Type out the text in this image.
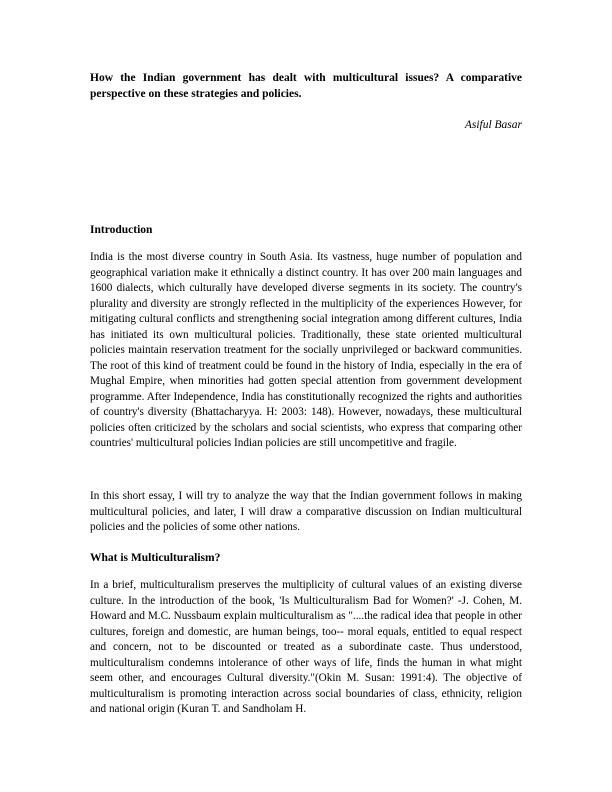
How the Indian government has dealt with multicultural issues? A comparative perspective on these strategies and policies.

Asiful Basar

Introduction

India is the most diverse country in South Asia. Its vastness, huge number of population and geographical variation make it ethnically a distinct country. It has over 200 main languages and 1600 dialects, which culturally have developed diverse segments in its society. The country's plurality and diversity are strongly reflected in the multiplicity of the experiences However, for mitigating cultural conflicts and strengthening social integration among different cultures, India has initiated its own multicultural policies. Traditionally, these state oriented multicultural policies maintain reservation treatment for the socially unprivileged or backward communities. The root of this kind of treatment could be found in the history of India, especially in the era of Mughal Empire, when minorities had gotten special attention from government development programme. After Independence, India has constitutionally recognized the rights and authorities of country's diversity (Bhattacharyya. H: 2003: 148). However, nowadays, these multicultural policies often criticized by the scholars and social scientists, who express that comparing other countries' multicultural policies Indian policies are still uncompetitive and fragile.

In this short essay, I will try to analyze the way that the Indian government follows in making multicultural policies, and later, I will draw a comparative discussion on Indian multicultural policies and the policies of some other nations.

What is Multiculturalism?

In a brief, multiculturalism preserves the multiplicity of cultural values of an existing diverse culture. In the introduction of the book, 'Is Multiculturalism Bad for Women?' -J. Cohen, M. Howard and M.C. Nussbaum explain multiculturalism as "....the radical idea that people in other cultures, foreign and domestic, are human beings, too-- moral equals, entitled to equal respect and concern, not to be discounted or treated as a subordinate caste. Thus understood, multiculturalism condemns intolerance of other ways of life, finds the human in what might seem other, and encourages Cultural diversity."(Okin M. Susan: 1991:4). The objective of multiculturalism is promoting interaction across social boundaries of class, ethnicity, religion and national origin (Kuran T. and Sandholam H.
